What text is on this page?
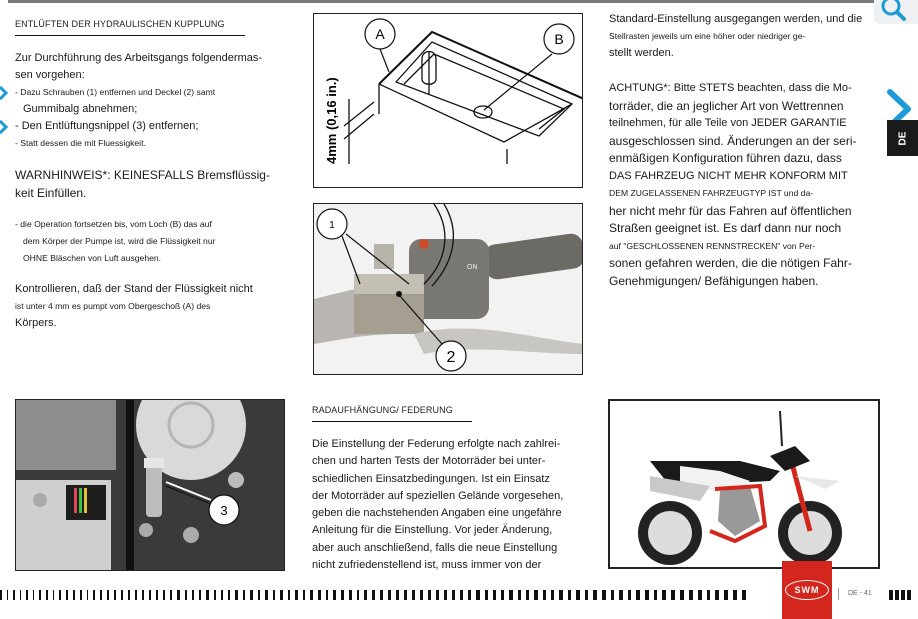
ENTLÜFTEN DER HYDRAULISCHEN KUPPLUNG
Zur Durchführung des Arbeitsgangs folgendermas-
sen vorgehen:
- Dazu Schrauben (1) entfernen und Deckel (2) samt
Gummibalg abnehmen;
- Den Entlüftungsnippel (3) entfernen;
- Statt dessen die mit Fluessigkeit.
WARNHINWEIS*: KEINESFALLS Bremsflüssig-
keit Einfüllen.
- die Operation fortsetzen bis, vom Loch (B) das auf
dem Körper der Pumpe ist, wird die Flüssigkeit nur
OHNE Bläschen von Luft ausgehen.
Kontrollieren, daß der Stand der Flüssigkeit nicht
ist unter 4 mm es pumpt vom Obergeschoß (A) des
Körpers.
A	B
4mm (0,16 in.)
1
2
ON
3
RADAUFHÄNGUNG/ FEDERUNG
Die Einstellung der Federung erfolgte nach zahlrei-
chen und harten Tests der Motorräder bei unter-
schiedlichen Einsatzbedingungen. Ist ein Einsatz
der Motorräder auf speziellen Gelände vorgesehen,
geben die nachstehenden Angaben eine ungefähre
Anleitung für die Einstellung. Vor jeder Änderung,
aber auch anschließend, falls die neue Einstellung
nicht zufriedenstellend ist, muss immer von der
Standard-Einstellung ausgegangen werden, und die
Stellrasten jeweils um eine höher oder niedriger ge-
stellt werden.
ACHTUNG*: Bitte STETS beachten, dass die Mo-
torräder, die an jeglicher Art von Wettrennen
teilnehmen, für alle Teile von JEDER GARANTIE
ausgeschlossen sind. Änderungen an der seri-
enmäßigen Konfiguration führen dazu, dass
DAS FAHRZEUG NICHT MEHR KONFORM MIT
DEM ZUGELASSENEN FAHRZEUGTYP IST und da-
her nicht mehr für das Fahren auf öffentlichen
Straßen geeignet ist. Es darf dann nur noch
auf "GESCHLOSSENEN RENNSTRECKEN" von Per-
sonen gefahren werden, die die nötigen Fahr-
Genehmigungen/ Befähigungen haben.
DE
SWM	DE - 41
